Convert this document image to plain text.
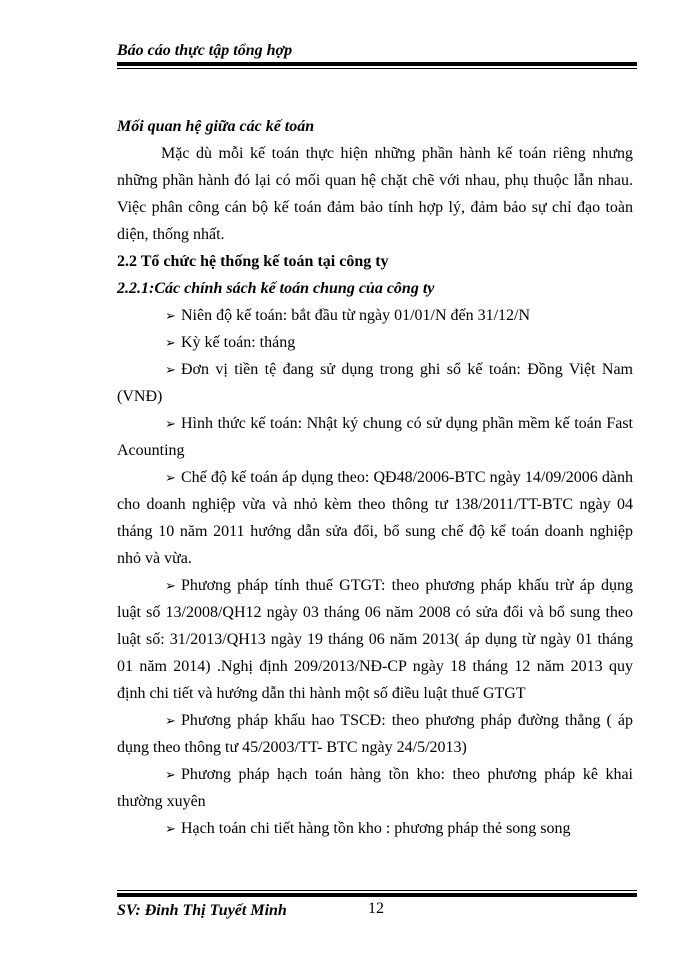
Báo cáo thực tập tổng hợp

Mối quan hệ giữa các kế toán

Mặc dù mỗi kế toán thực hiện những phần hành kế toán riêng nhưng những phần hành đó lại có mối quan hệ chặt chẽ với nhau, phụ thuộc lẫn nhau. Việc phân công cán bộ kế toán đảm bảo tính hợp lý, đảm bảo sự chỉ đạo toàn diện, thống nhất.

2.2 Tổ chức hệ thống kế toán tại công ty

2.2.1:Các chính sách kế toán chung của công ty

➢ Niên độ kế toán: bắt đầu từ ngày 01/01/N đến 31/12/N

➢ Kỳ kế toán: tháng

➢ Đơn vị tiền tệ đang sử dụng trong ghi sổ kế toán: Đồng Việt Nam (VNĐ)

➢ Hình thức kế toán: Nhật ký chung có sử dụng phần mềm kế toán Fast Acounting

➢ Chế độ kế toán áp dụng theo: QĐ48/2006-BTC ngày 14/09/2006 dành cho doanh nghiệp vừa và nhỏ kèm theo thông tư 138/2011/TT-BTC ngày 04 tháng 10 năm 2011 hướng dẫn sửa đổi, bổ sung chế độ kế toán doanh nghiệp nhỏ và vừa.

➢ Phương pháp tính thuế GTGT: theo phương pháp khấu trừ áp dụng luật số 13/2008/QH12 ngày 03 tháng 06 năm 2008 có sửa đổi và bổ sung theo luật số: 31/2013/QH13 ngày 19 tháng 06 năm 2013( áp dụng từ ngày 01 tháng 01 năm 2014) .Nghị định 209/2013/NĐ-CP ngày 18 tháng 12 năm 2013 quy định chi tiết và hướng dẫn thi hành một số điều luật thuế GTGT

➢ Phương pháp khấu hao TSCĐ: theo phương pháp đường thẳng ( áp dụng theo thông tư 45/2003/TT- BTC ngày 24/5/2013)

➢ Phương pháp hạch toán hàng tồn kho: theo phương pháp kê khai thường xuyên

➢ Hạch toán chi tiết hàng tồn kho : phương pháp thẻ song song

SV: Đinh Thị Tuyết Minh	12
